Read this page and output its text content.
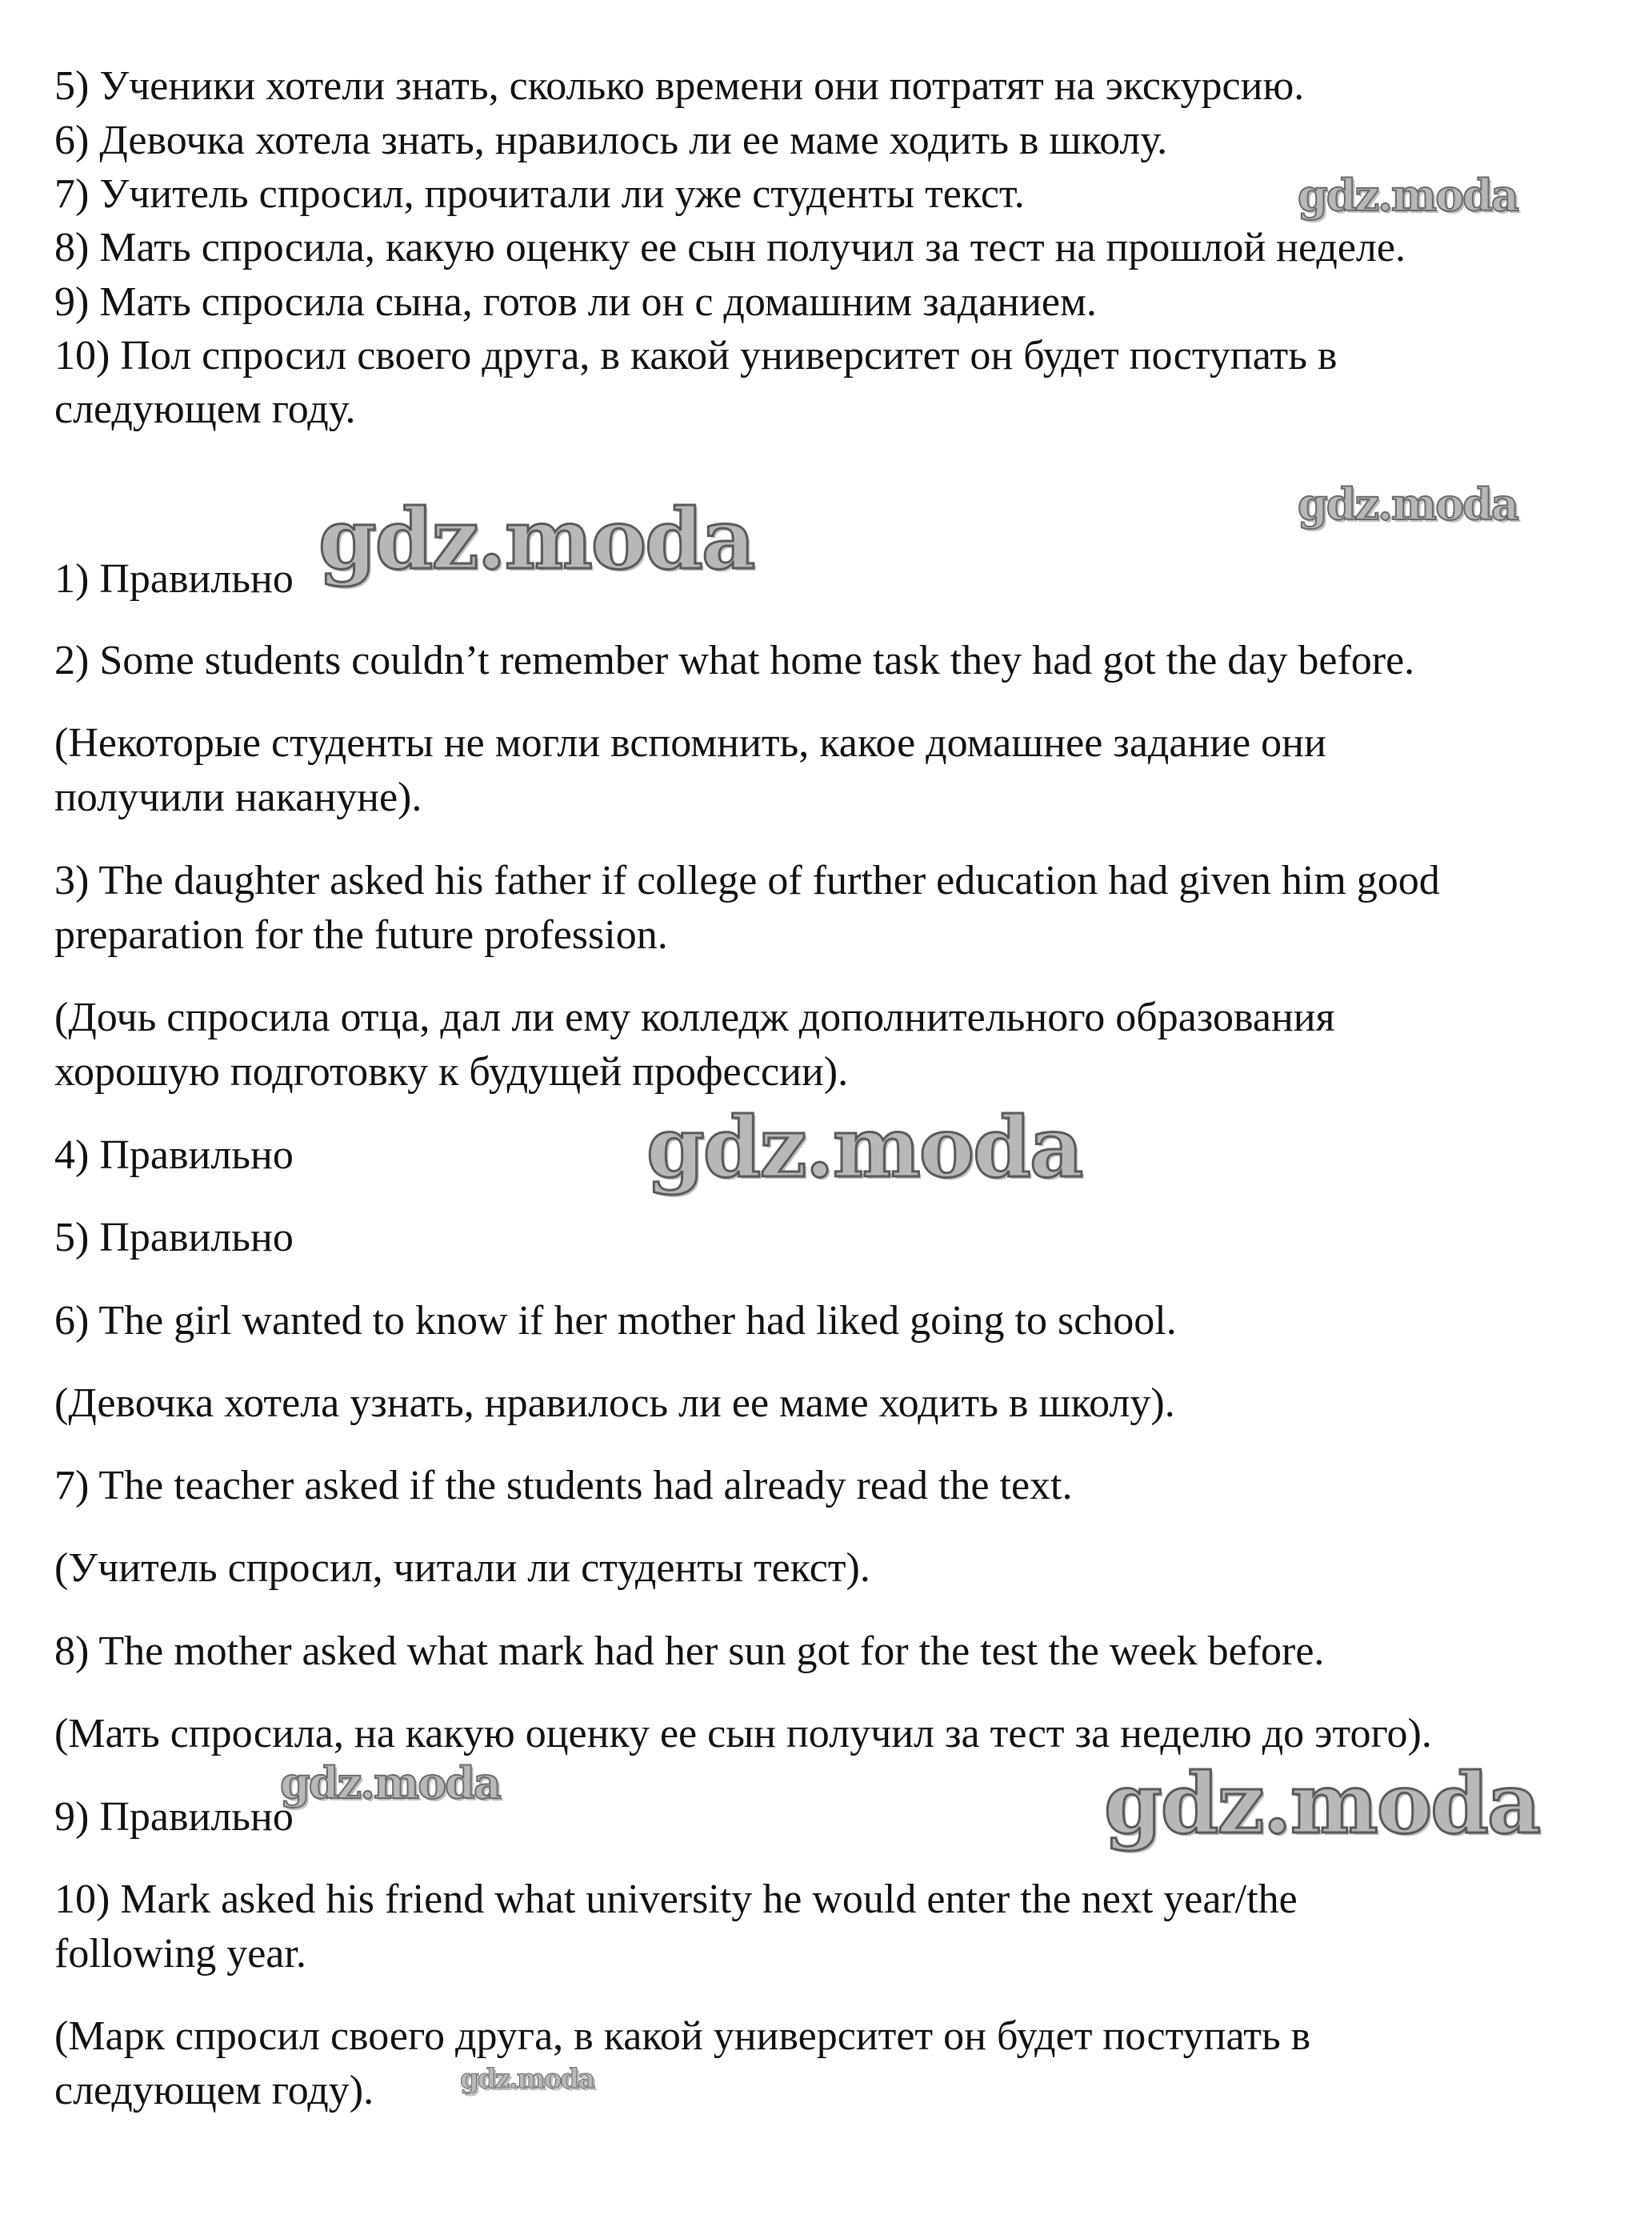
5) Ученики хотели знать, сколько времени они потратят на экскурсию.
6) Девочка хотела знать, нравилось ли ее маме ходить в школу.
7) Учитель спросил, прочитали ли уже студенты текст.
8) Мать спросила, какую оценку ее сын получил за тест на прошлой неделе.
9) Мать спросила сына, готов ли он с домашним заданием.
10) Пол спросил своего друга, в какой университет он будет поступать в
следующем году.
1) Правильно
2) Some students couldn’t remember what home task they had got the day before.
(Некоторые студенты не могли вспомнить, какое домашнее задание они
получили накануне).
3) The daughter asked his father if college of further education had given him good
preparation for the future profession.
(Дочь спросила отца, дал ли ему колледж дополнительного образования
хорошую подготовку к будущей профессии).
4) Правильно
5) Правильно
6) The girl wanted to know if her mother had liked going to school.
(Девочка хотела узнать, нравилось ли ее маме ходить в школу).
7) The teacher asked if the students had already read the text.
(Учитель спросил, читали ли студенты текст).
8) The mother asked what mark had her sun got for the test the week before.
(Мать спросила, на какую оценку ее сын получил за тест за неделю до этого).
9) Правильно
10) Mark asked his friend what university he would enter the next year/the
following year.
(Марк спросил своего друга, в какой университет он будет поступать в
следующем году).
gdz.moda
gdz.moda
gdz.moda
gdz.moda
gdz.moda	gdz.moda
gdz.moda
